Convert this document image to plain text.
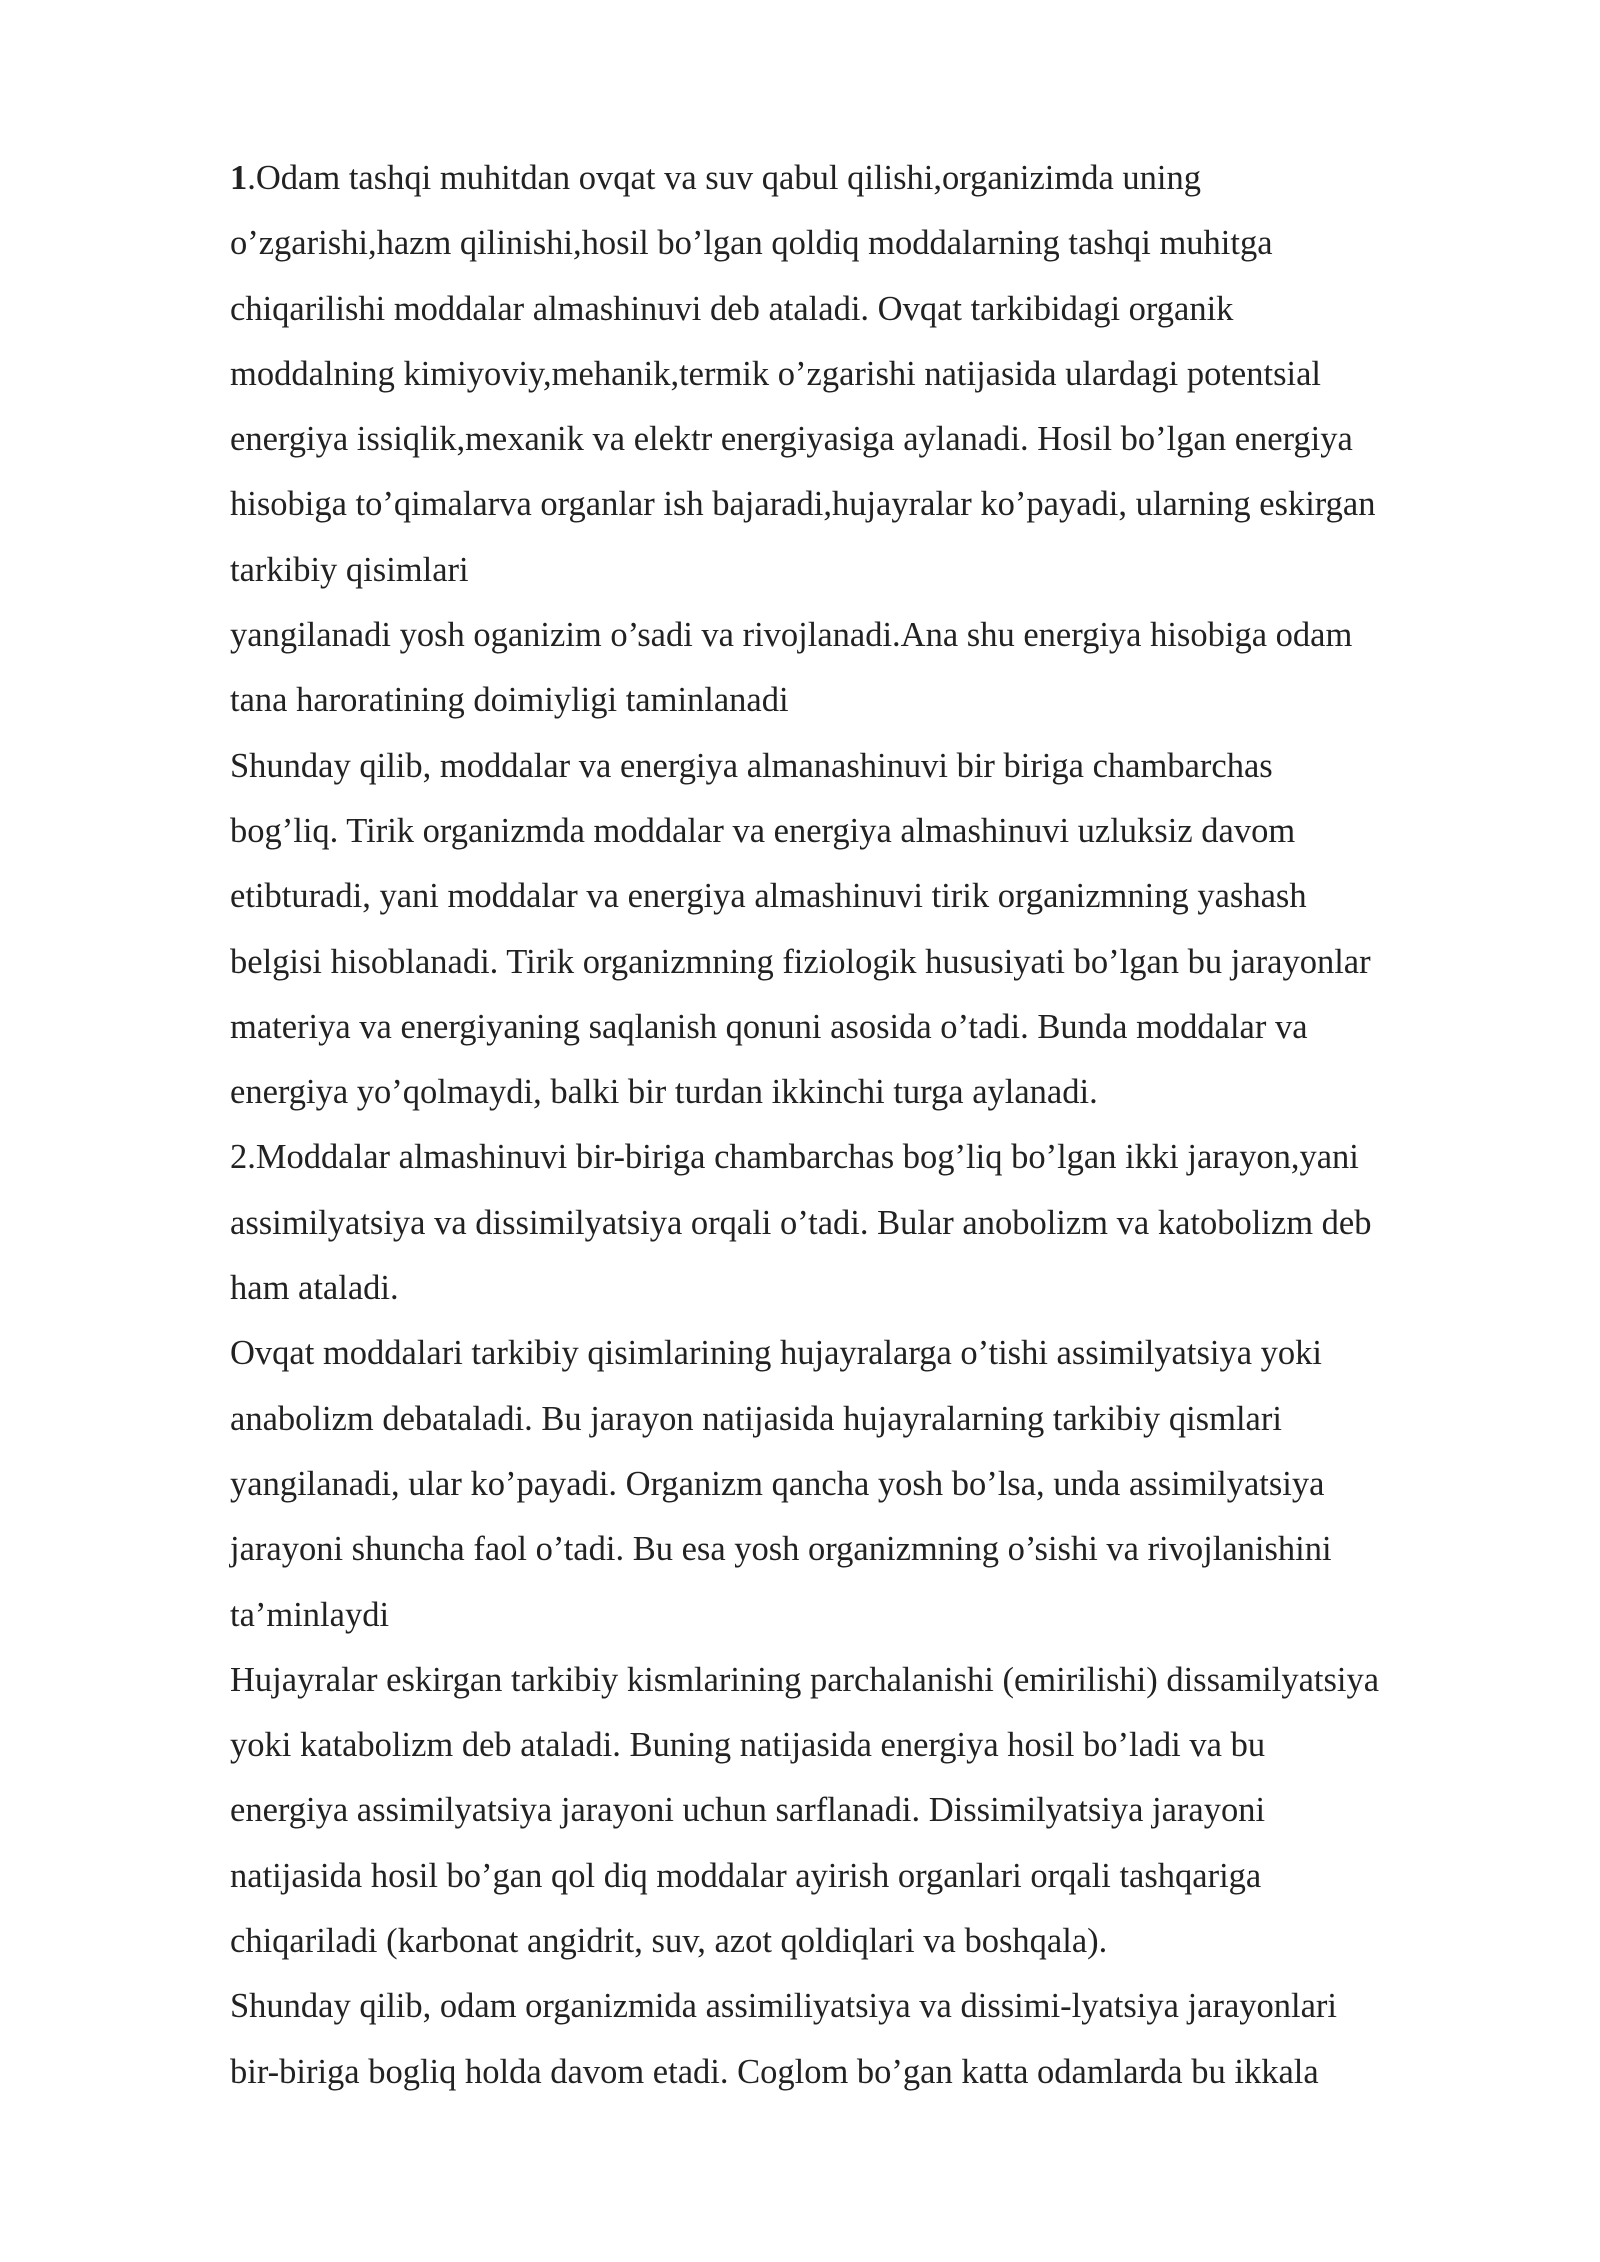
1.Odam tashqi muhitdan ovqat va suv qabul qilishi,organizimda uning
o’zgarishi,hazm qilinishi,hosil bo’lgan qoldiq moddalarning tashqi muhitga
chiqarilishi moddalar almashinuvi deb ataladi. Ovqat tarkibidagi organik
moddalning kimiyoviy,mehanik,termik o’zgarishi natijasida ulardagi potentsial
energiya issiqlik,mexanik va elektr energiyasiga aylanadi. Hosil bo’lgan energiya
hisobiga to’qimalarva organlar ish bajaradi,hujayralar ko’payadi, ularning eskirgan
tarkibiy qisimlari
yangilanadi yosh oganizim o’sadi va rivojlanadi.Ana shu energiya hisobiga odam
tana haroratining doimiyligi taminlanadi
Shunday qilib, moddalar va energiya almanashinuvi bir biriga chambarchas
bog’liq. Tirik organizmda moddalar va energiya almashinuvi uzluksiz davom
etibturadi, yani moddalar va energiya almashinuvi tirik organizmning yashash
belgisi hisoblanadi. Tirik organizmning fiziologik hususiyati bo’lgan bu jarayonlar
materiya va energiyaning saqlanish qonuni asosida o’tadi. Bunda moddalar va
energiya yo’qolmaydi, balki bir turdan ikkinchi turga aylanadi.
2.Moddalar almashinuvi bir-biriga chambarchas bog’liq bo’lgan ikki jarayon,yani
assimilyatsiya va dissimilyatsiya orqali o’tadi. Bular anobolizm va katobolizm deb
ham ataladi.
Ovqat moddalari tarkibiy qisimlarining hujayralarga o’tishi assimilyatsiya yoki
anabolizm debataladi. Bu jarayon natijasida hujayralarning tarkibiy qismlari
yangilanadi, ular ko’payadi. Organizm qancha yosh bo’lsa, unda assimilyatsiya
jarayoni shuncha faol o’tadi. Bu esa yosh organizmning o’sishi va rivojlanishini
ta’minlaydi
Hujayralar eskirgan tarkibiy kismlarining parchalanishi (emirilishi) dissamilyatsiya
yoki katabolizm deb ataladi. Buning natijasida energiya hosil bo’ladi va bu
energiya assimilyatsiya jarayoni uchun sarflanadi. Dissimilyatsiya jarayoni
natijasida hosil bo’gan qol diq moddalar ayirish organlari orqali tashqariga
chiqariladi (karbonat angidrit, suv, azot qoldiqlari va boshqala).
Shunday qilib, odam organizmida assimiliyatsiya va dissimi-lyatsiya jarayonlari
bir-biriga bogliq holda davom etadi. Coglom bo’gan katta odamlarda bu ikkala
